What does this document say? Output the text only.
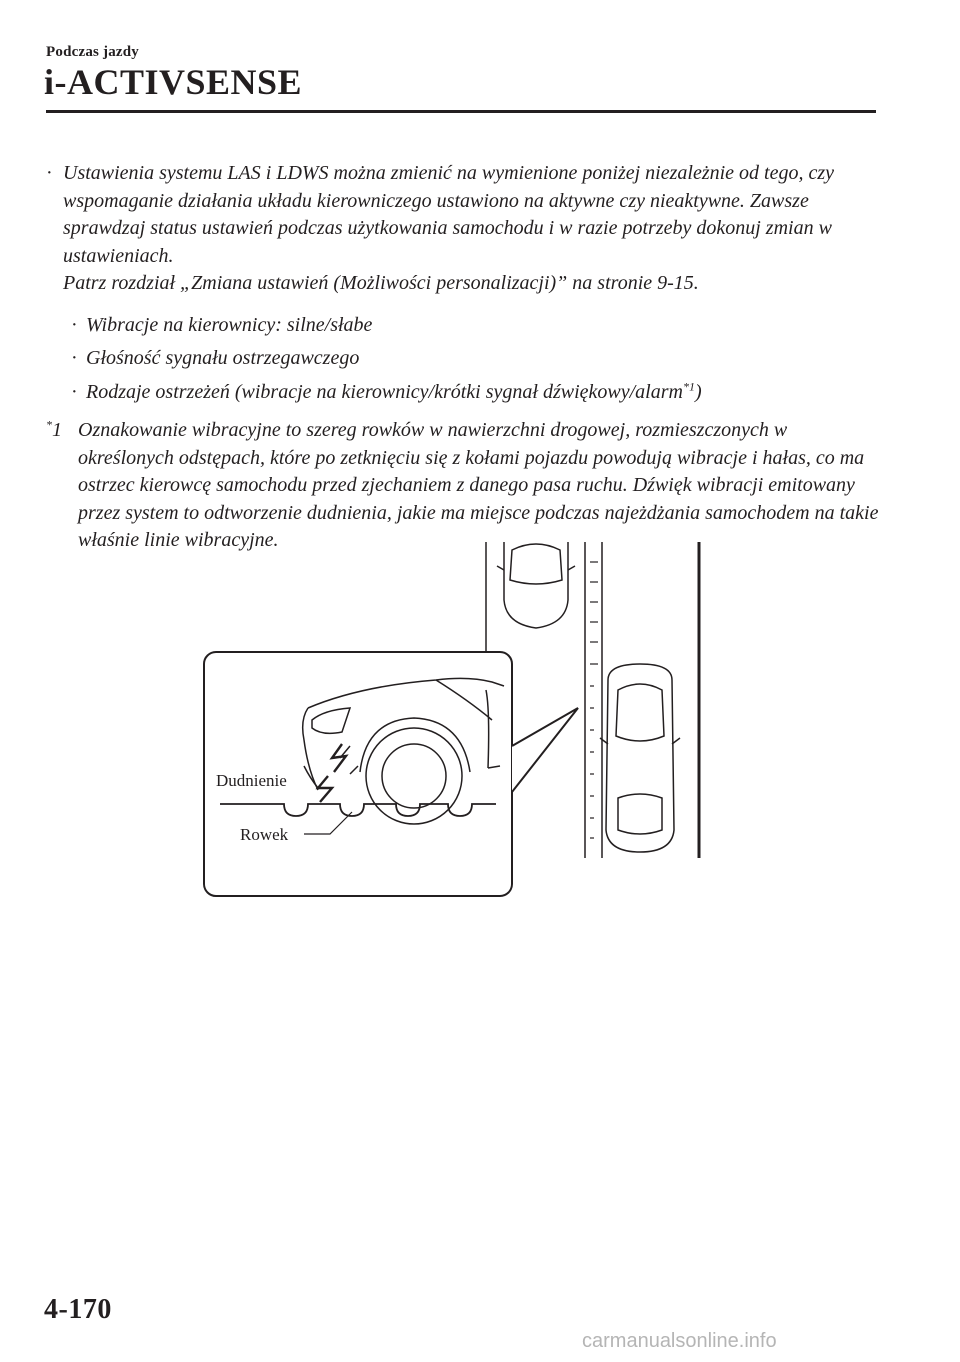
Podczas jazdy
i-ACTIVSENSE
· Ustawienia systemu LAS i LDWS można zmienić na wymienione poniżej niezależnie od tego, czy wspomaganie działania układu kierowniczego ustawiono na aktywne czy nieaktywne. Zawsze sprawdzaj status ustawień podczas użytkowania samochodu i w razie potrzeby dokonuj zmian w ustawieniach.
Patrz rozdział „Zmiana ustawień (Możliwości personalizacji)” na stronie 9-15.
· Wibracje na kierownicy: silne/słabe
· Głośność sygnału ostrzegawczego
· Rodzaje ostrzeżeń (wibracje na kierownicy/krótki sygnał dźwiękowy/alarm$^{*1}$)
*1 Oznakowanie wibracyjne to szereg rowków w nawierzchni drogowej, rozmieszczonych w określonych odstępach, które po zetknięciu się z kołami pojazdu powodują wibracje i hałas, co ma ostrzec kierowcę samochodu przed zjechaniem z danego pasa ruchu. Dźwięk wibracji emitowany przez system to odtworzenie dudnienia, jakie ma miejsce podczas najeżdżania samochodem na takie właśnie linie wibracyjne.
Dudnienie
Rowek
4-170
carmanualsonline.info
